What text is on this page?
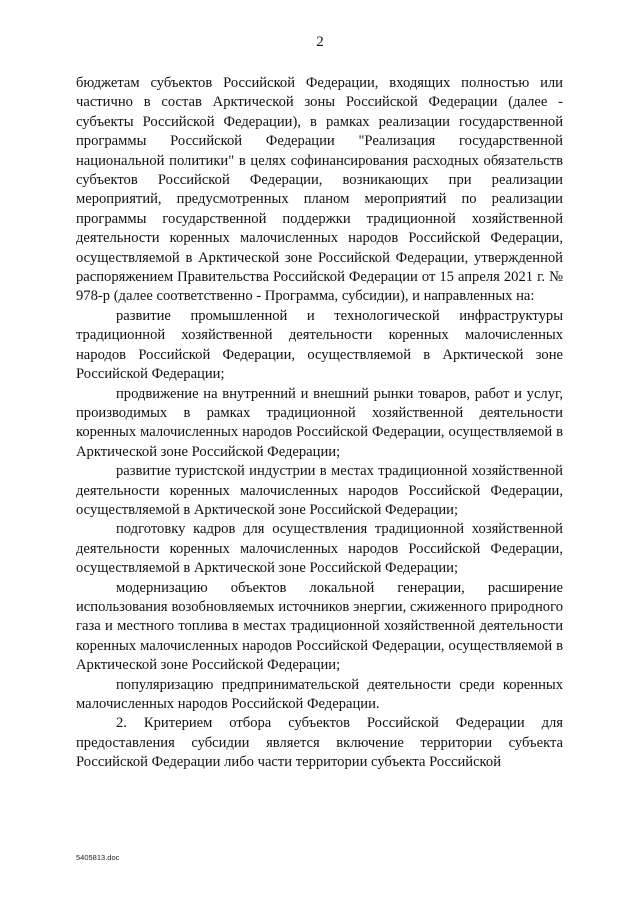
2

бюджетам субъектов Российской Федерации, входящих полностью или частично в состав Арктической зоны Российской Федерации (далее - субъекты Российской Федерации), в рамках реализации государственной программы Российской Федерации "Реализация государственной национальной политики" в целях софинансирования расходных обязательств субъектов Российской Федерации, возникающих при реализации мероприятий, предусмотренных планом мероприятий по реализации программы государственной поддержки традиционной хозяйственной деятельности коренных малочисленных народов Российской Федерации, осуществляемой в Арктической зоне Российской Федерации, утвержденной распоряжением Правительства Российской Федерации от 15 апреля 2021 г. № 978-р (далее соответственно - Программа, субсидии), и направленных на:

развитие промышленной и технологической инфраструктуры традиционной хозяйственной деятельности коренных малочисленных народов Российской Федерации, осуществляемой в Арктической зоне Российской Федерации;

продвижение на внутренний и внешний рынки товаров, работ и услуг, производимых в рамках традиционной хозяйственной деятельности коренных малочисленных народов Российской Федерации, осуществляемой в Арктической зоне Российской Федерации;

развитие туристской индустрии в местах традиционной хозяйственной деятельности коренных малочисленных народов Российской Федерации, осуществляемой в Арктической зоне Российской Федерации;

подготовку кадров для осуществления традиционной хозяйственной деятельности коренных малочисленных народов Российской Федерации, осуществляемой в Арктической зоне Российской Федерации;

модернизацию объектов локальной генерации, расширение использования возобновляемых источников энергии, сжиженного природного газа и местного топлива в местах традиционной хозяйственной деятельности коренных малочисленных народов Российской Федерации, осуществляемой в Арктической зоне Российской Федерации;

популяризацию предпринимательской деятельности среди коренных малочисленных народов Российской Федерации.

2. Критерием отбора субъектов Российской Федерации для предоставления субсидии является включение территории субъекта Российской Федерации либо части территории субъекта Российской

5405813.doc
